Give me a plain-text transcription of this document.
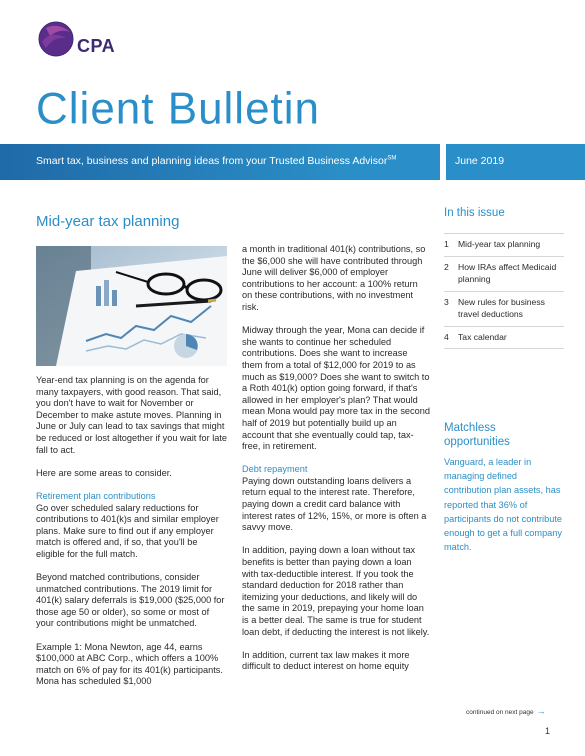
CPA
Client Bulletin
Smart tax, business and planning ideas from your Trusted Business Advisor℠	June 2019
Mid-year tax planning

Year-end tax planning is on the agenda for many taxpayers, with good reason. That said, you don't have to wait for November or December to make astute moves. Planning in June or July can lead to tax savings that might be reduced or lost altogether if you wait for late fall to act.

Here are some areas to consider.

Retirement plan contributions

Go over scheduled salary reductions for contributions to 401(k)s and similar employer plans. Make sure to find out if any employer match is offered and, if so, that you'll be eligible for the full match.

Beyond matched contributions, consider unmatched contributions. The 2019 limit for 401(k) salary deferrals is $19,000 ($25,000 for those age 50 or older), so some or most of your contributions might be unmatched.

Example 1: Mona Newton, age 44, earns $100,000 at ABC Corp., which offers a 100% match on 6% of pay for its 401(k) participants. Mona has scheduled $1,000

a month in traditional 401(k) contributions, so the $6,000 she will have contributed through June will deliver $6,000 of employer contributions to her account: a 100% return on these contributions, with no investment risk.

Midway through the year, Mona can decide if she wants to continue her scheduled contributions. Does she want to increase them from a total of $12,000 for 2019 to as much as $19,000? Does she want to switch to a Roth 401(k) option going forward, if that's allowed in her employer's plan? That would mean Mona would pay more tax in the second half of 2019 but potentially build up an account that she eventually could tap, tax-free, in retirement.

Debt repayment

Paying down outstanding loans delivers a return equal to the interest rate. Therefore, paying down a credit card balance with interest rates of 12%, 15%, or more is often a savvy move.

In addition, paying down a loan without tax benefits is better than paying down a loan with tax-deductible interest. If you took the standard deduction for 2018 rather than itemizing your deductions, and likely will do the same in 2019, prepaying your home loan is a better deal. The same is true for student loan debt, if deducting the interest is not likely.

In addition, current tax law makes it more difficult to deduct interest on home equity

In this issue
1	Mid-year tax planning
2	How IRAs affect Medicaid planning
3	New rules for business travel deductions
4	Tax calendar
Matchless opportunities
Vanguard, a leader in managing defined contribution plan assets, has reported that 36% of participants do not contribute enough to get a full company match.
continued on next page →
1
